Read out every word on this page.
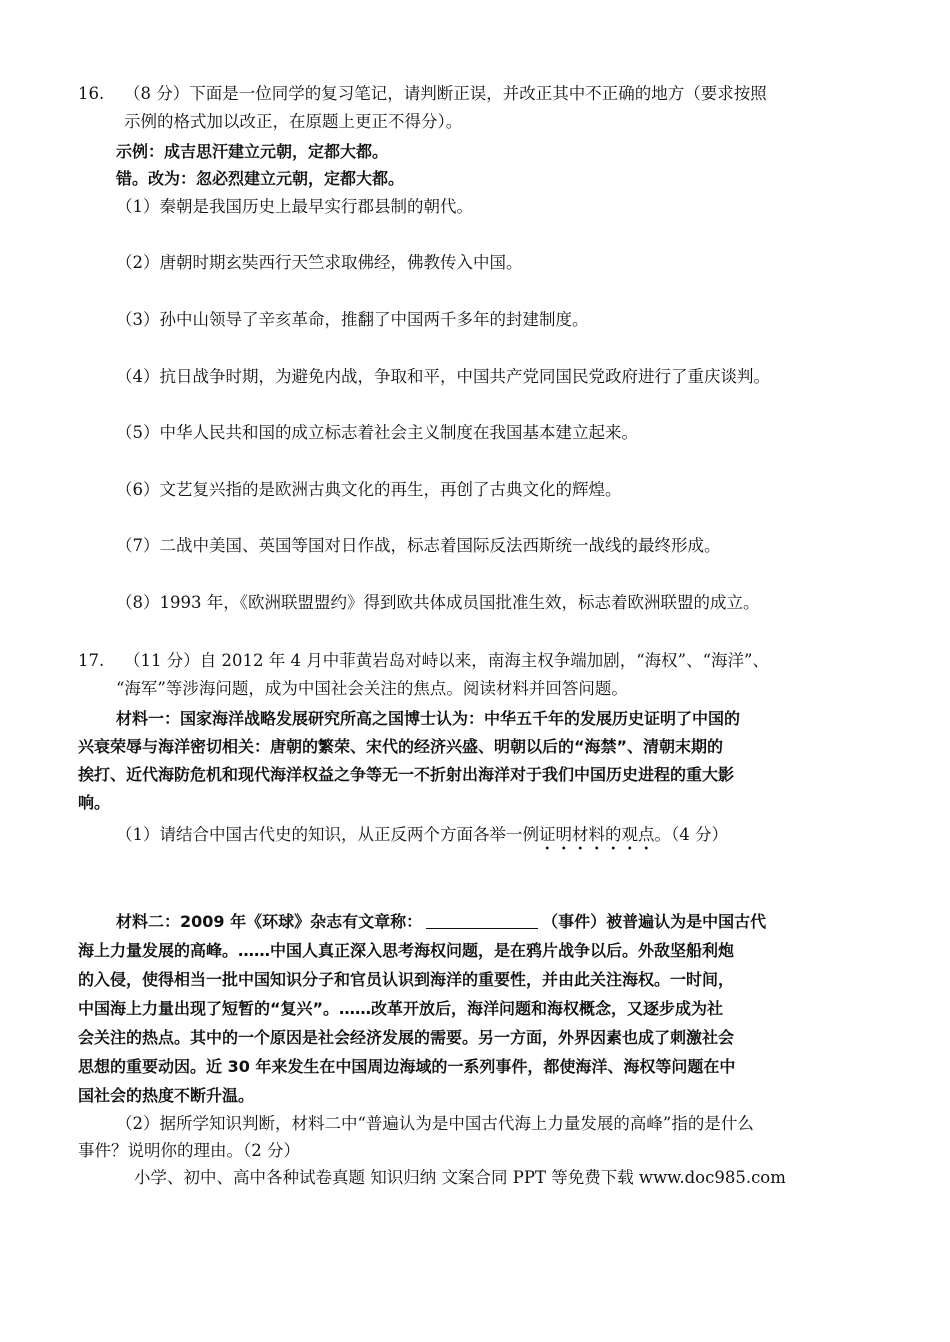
16. （8 分）下面是一位同学的复习笔记，请判断正误，并改正其中不正确的地方（要求按照
示例的格式加以改正，在原题上更正不得分）。
示例：成吉思汗建立元朝，定都大都。
错。改为：忽必烈建立元朝，定都大都。
（1）秦朝是我国历史上最早实行郡县制的朝代。
（2）唐朝时期玄奘西行天竺求取佛经，佛教传入中国。
（3）孙中山领导了辛亥革命，推翻了中国两千多年的封建制度。
（4）抗日战争时期，为避免内战，争取和平，中国共产党同国民党政府进行了重庆谈判。
（5）中华人民共和国的成立标志着社会主义制度在我国基本建立起来。
（6）文艺复兴指的是欧洲古典文化的再生，再创了古典文化的辉煌。
（7）二战中美国、英国等国对日作战，标志着国际反法西斯统一战线的最终形成。
（8）1993 年，《欧洲联盟盟约》得到欧共体成员国批准生效，标志着欧洲联盟的成立。
17. （11 分）自 2012 年 4 月中菲黄岩岛对峙以来，南海主权争端加剧，“海权”、“海洋”、
“海军”等涉海问题，成为中国社会关注的焦点。阅读材料并回答问题。
材料一：国家海洋战略发展研究所高之国博士认为：中华五千年的发展历史证明了中国的
兴衰荣辱与海洋密切相关：唐朝的繁荣、宋代的经济兴盛、明朝以后的“海禁”、清朝末期的
挨打、近代海防危机和现代海洋权益之争等无一不折射出海洋对于我们中国历史进程的重大影
响。
（1）请结合中国古代史的知识，从正反两个方面各举一例证明材料的观点。（4 分）
材料二：2009 年《环球》杂志有文章称：	（事件）被普遍认为是中国古代
海上力量发展的高峰。……中国人真正深入思考海权问题，是在鸦片战争以后。外敌坚船利炮
的入侵，使得相当一批中国知识分子和官员认识到海洋的重要性，并由此关注海权。一时间，
中国海上力量出现了短暂的“复兴”。……改革开放后，海洋问题和海权概念，又逐步成为社
会关注的热点。其中的一个原因是社会经济发展的需要。另一方面，外界因素也成了刺激社会
思想的重要动因。近 30 年来发生在中国周边海域的一系列事件，都使海洋、海权等问题在中
国社会的热度不断升温。
（2）据所学知识判断，材料二中“普遍认为是中国古代海上力量发展的高峰”指的是什么
事件？说明你的理由。（2 分）
小学、初中、高中各种试卷真题 知识归纳 文案合同 PPT 等免费下载 www.doc985.com
